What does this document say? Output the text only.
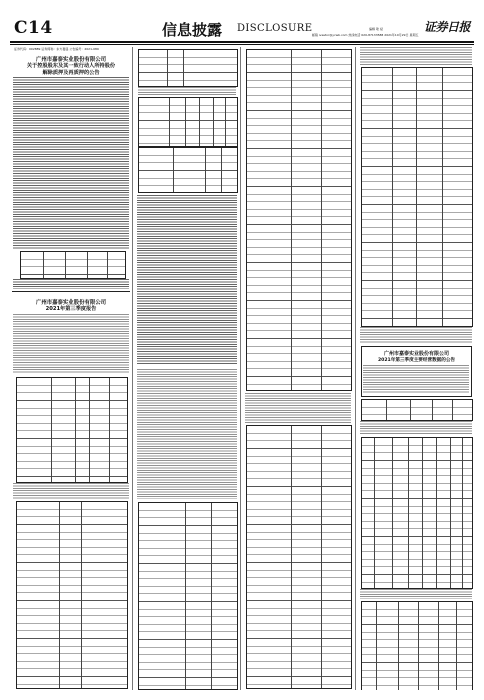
C14	信息披露 DISCLOSURE	编辑 耿 斌
邮箱 ivestor@ycwb.com 热线电话 020-87133588 2021年10月29日 星期五
证券日报
证券代码：002889 证券简称：东方嘉盛 公告编号：2021-089
广州市嘉泰实业股份有限公司
关于控股股东及其一致行动人所持股份
解除质押及再质押的公告
广州市嘉泰实业股份有限公司
2021年第三季度报告
广州市嘉泰实业股份有限公司
2021年第三季度主要经营数据的公告
